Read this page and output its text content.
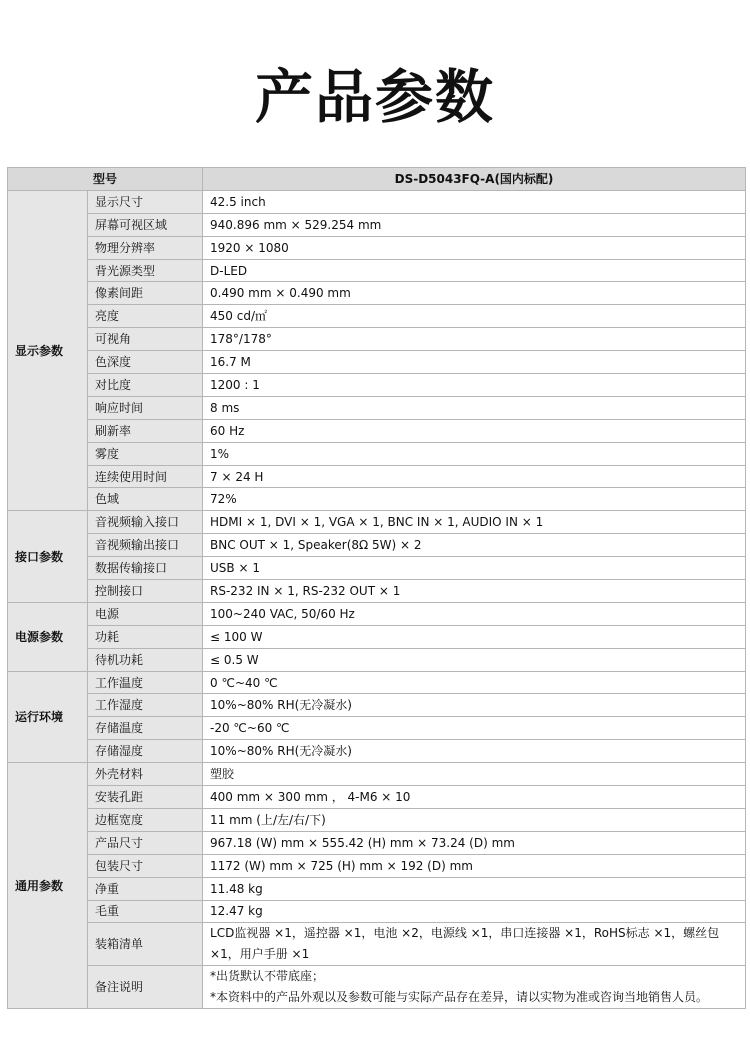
产品参数
型号		DS-D5043FQ-A(国内标配)
显示参数	显示尺寸	42.5 inch
	屏幕可视区域	940.896 mm × 529.254 mm
	物理分辨率	1920 × 1080
	背光源类型	D-LED
	像素间距	0.490 mm × 0.490 mm
	亮度	450 cd/㎡
	可视角	178°/178°
	色深度	16.7 M
	对比度	1200 : 1
	响应时间	8 ms
	刷新率	60 Hz
	雾度	1%
	连续使用时间	7 × 24 H
	色域	72%
接口参数	音视频输入接口	HDMI × 1, DVI × 1, VGA × 1, BNC IN × 1, AUDIO IN × 1
	音视频输出接口	BNC OUT × 1, Speaker(8Ω 5W) × 2
	数据传输接口	USB × 1
	控制接口	RS-232 IN × 1, RS-232 OUT × 1
电源参数	电源	100~240 VAC, 50/60 Hz
	功耗	≤ 100 W
	待机功耗	≤ 0.5 W
运行环境	工作温度	0 ℃~40 ℃
	工作湿度	10%~80% RH(无冷凝水)
	存储温度	-20 ℃~60 ℃
	存储湿度	10%~80% RH(无冷凝水)
通用参数	外壳材料	塑胶
	安装孔距	400 mm × 300 mm ， 4-M6 × 10
	边框宽度	11 mm (上/左/右/下)
	产品尺寸	967.18 (W) mm × 555.42 (H) mm × 73.24 (D) mm
	包装尺寸	1172 (W) mm × 725 (H) mm × 192 (D) mm
	净重	11.48 kg
	毛重	12.47 kg
	装箱清单	LCD监视器 ×1，遥控器 ×1，电池 ×2，电源线 ×1，串口连接器 ×1，RoHS标志 ×1，螺丝包
×1，用户手册 ×1

	备注说明	*出货默认不带底座；
*本资料中的产品外观以及参数可能与实际产品存在差异，请以实物为准或咨询当地销售人员。
